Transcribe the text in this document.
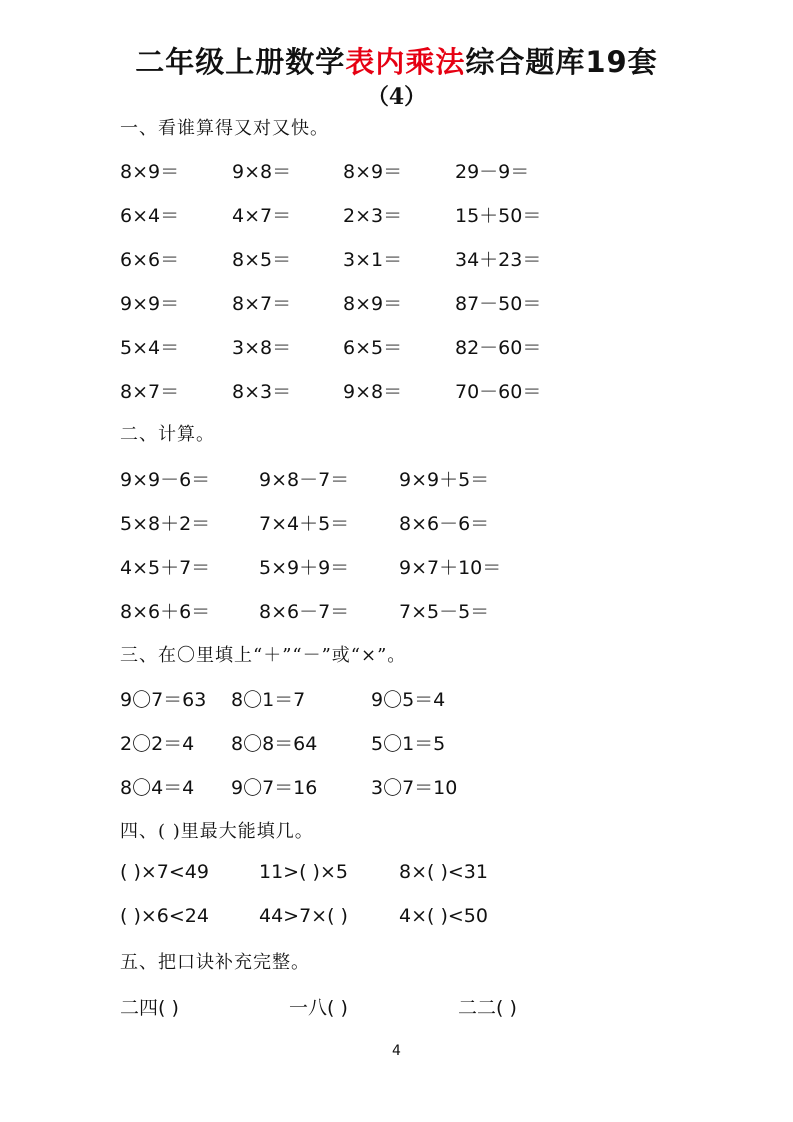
二年级上册数学表内乘法综合题库19套
（4）
一、看谁算得又对又快。
8×9＝	9×8＝	8×9＝	29－9＝
6×4＝	4×7＝	2×3＝	15＋50＝
6×6＝	8×5＝	3×1＝	34＋23＝
9×9＝	8×7＝	8×9＝	87－50＝
5×4＝	3×8＝	6×5＝	82－60＝
8×7＝	8×3＝	9×8＝	70－60＝
二、计算。
9×9－6＝	9×8－7＝	9×9＋5＝
5×8＋2＝	7×4＋5＝	8×6－6＝
4×5＋7＝	5×9＋9＝	9×7＋10＝
8×6＋6＝	8×6－7＝	7×5－5＝
三、在〇里填上“＋”“－”或“×”。
9〇7＝63 8〇1＝7	9〇5＝4
2〇2＝4 8〇8＝64	5〇1＝5
8〇4＝4 9〇7＝16	3〇7＝10
四、( )里最大能填几。
( )×7<49	11>( )×5	8×( )<31
( )×6<24	44>7×( )	4×( )<50
五、把口诀补充完整。
二四( )	一八( )	二二( )
4
